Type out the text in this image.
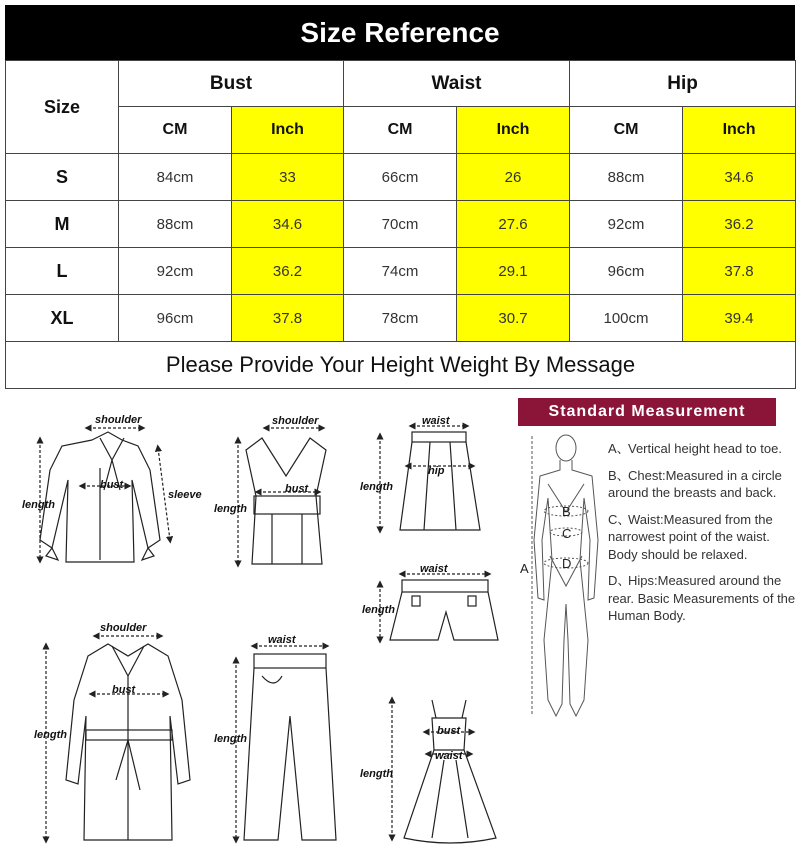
Size Reference
Size	Bust		Waist		Hip	
	CM	Inch	CM	Inch	CM	Inch
S	84cm	33	66cm	26	88cm	34.6
M	88cm	34.6	70cm	27.6	92cm	36.2
L	92cm	36.2	74cm	29.1	96cm	37.8
XL	96cm	37.8	78cm	30.7	100cm	39.4
Please Provide Your Height Weight By Message						
shoulder
bust
sleeve
length
shoulder
bust
length
waist
hip
length
waist
length
shoulder
bust
length
waist
length
bust
waist
length
A
B
C
D
Standard Measurement
A、Vertical height head to toe.
B、Chest:Measured in a circle around the breasts and back.
C、Waist:Measured from the narrowest point of the waist. Body should be relaxed.
D、Hips:Measured around the rear. Basic Measurements of the Human Body.
